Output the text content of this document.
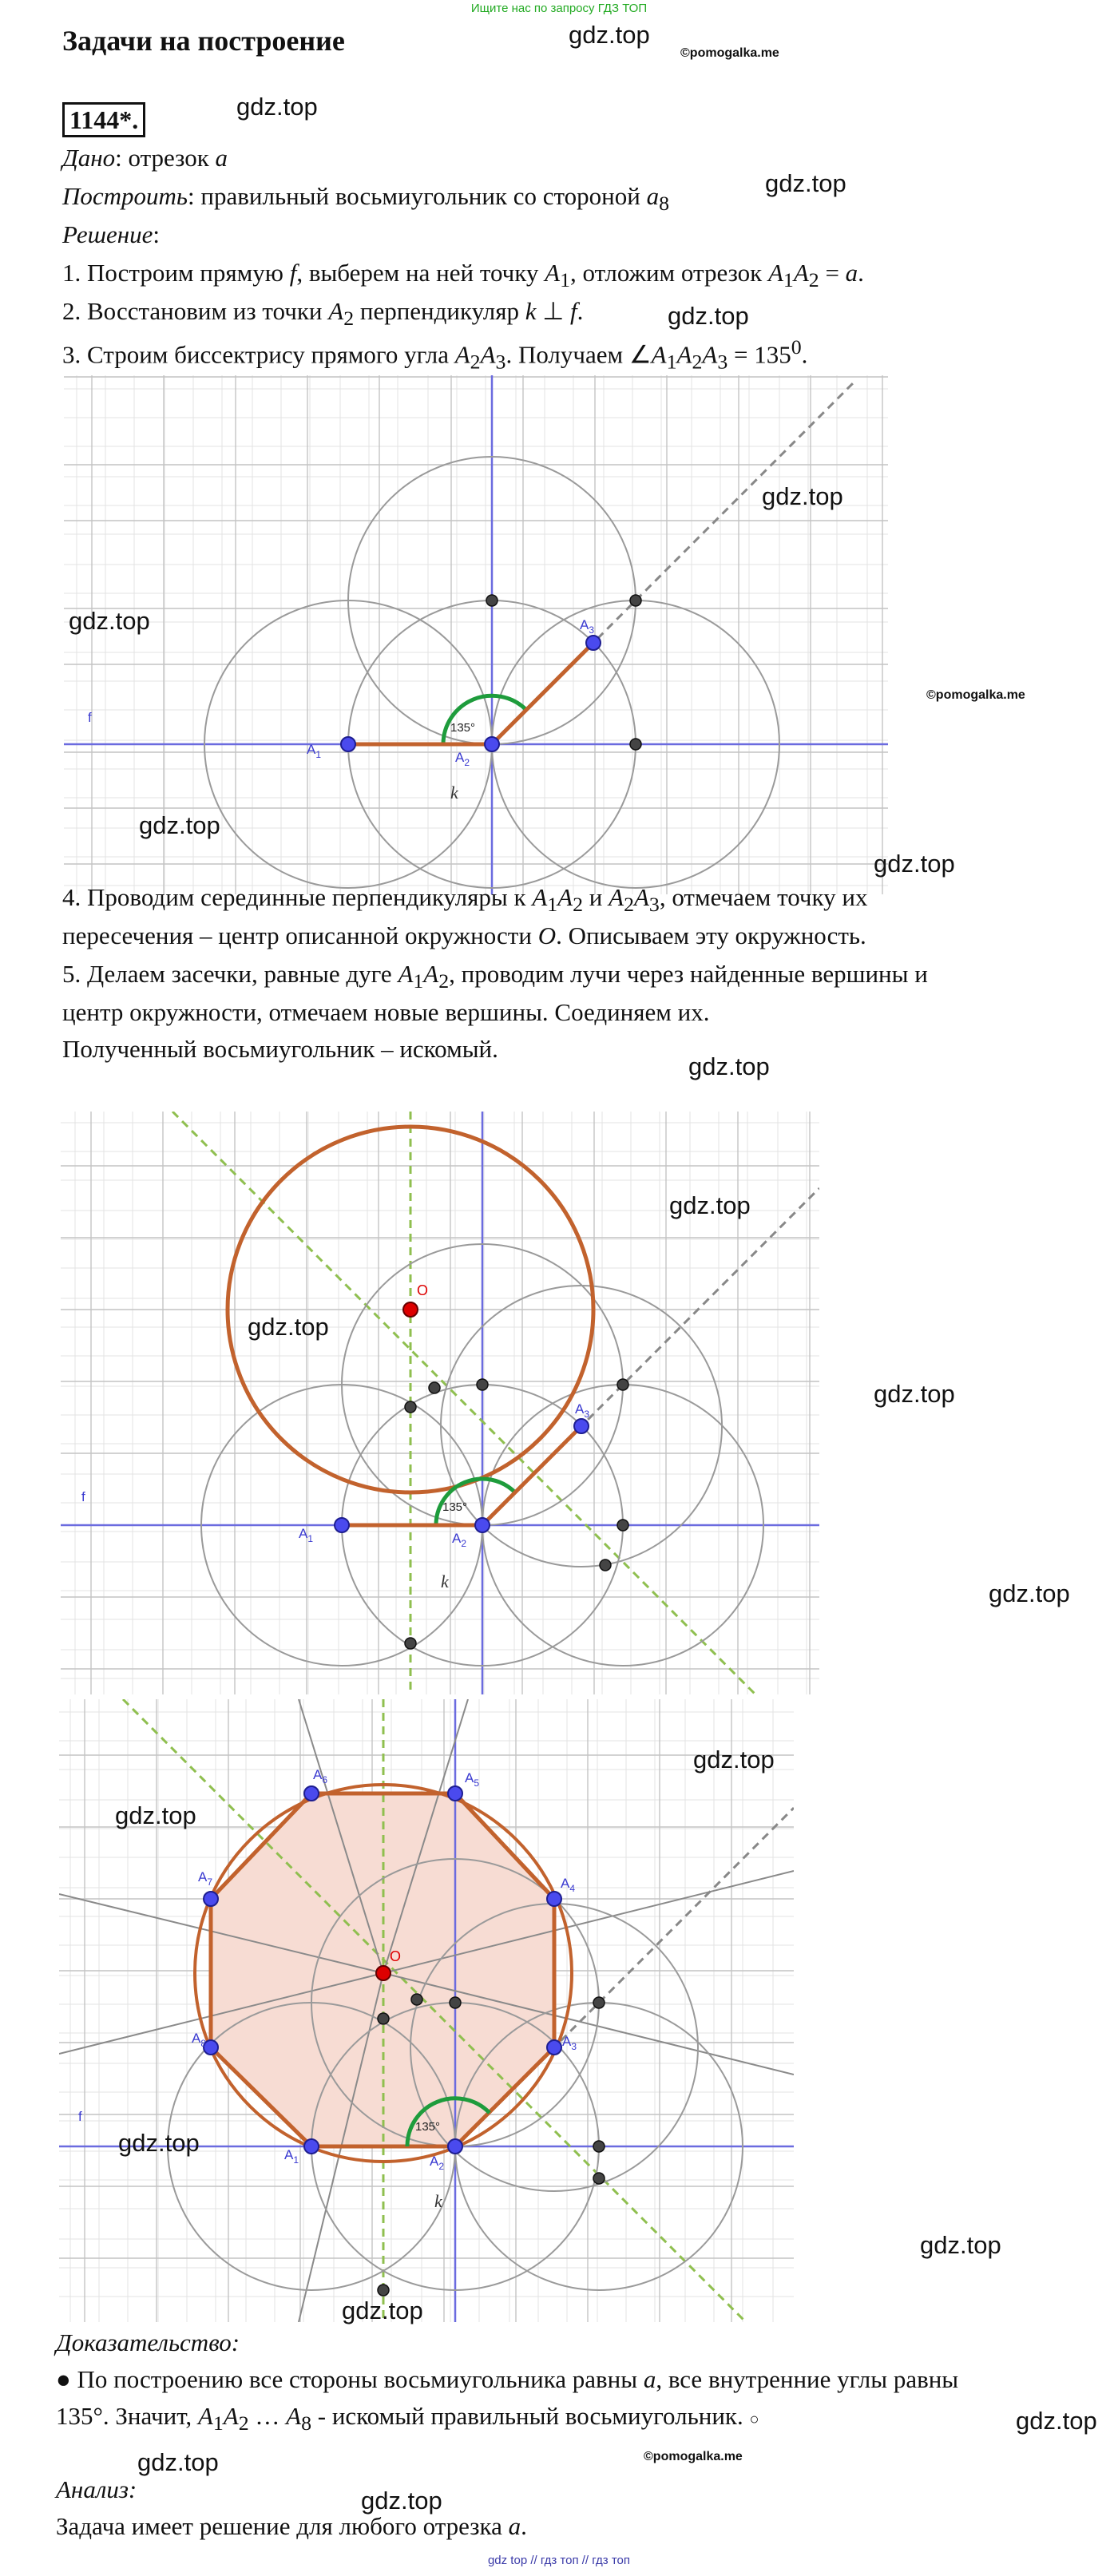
Ищите нас по запросу ГДЗ ТОП
Задачи на построение
1144*.
Дано: отрезок a
Построить: правильный восьмиугольник со стороной $a_8$
Решение:
1. Построим прямую f, выберем на ней точку $A_1$, отложим отрезок $A_1A_2 = a$.
2. Восстановим из точки $A_2$ перпендикуляр k ⊥ f.
3. Строим биссектрису прямого угла $A_2A_3$. Получаем $\angle A_1A_2A_3 = 135^0$.
f
$A_1$	$A_2$
$A_3$
135°
k
4. Проводим серединные перпендикуляры к $A_1A_2$ и $A_2A_3$, отмечаем точку их
пересечения – центр описанной окружности O. Описываем эту окружность.
5. Делаем засечки, равные дуге $A_1A_2$, проводим лучи через найденные вершины и
центр окружности, отмечаем новые вершины. Соединяем их.
Полученный восьмиугольник – искомый.
O
f
$A_1$	$A_2$
$A_3$
135°
k
O
f
$A_1$	$A_2$
$A_3$
$A_4$
$A_5$
$A_6$
$A_7$
$A_8$
135°
k
Доказательство:
● По построению все стороны восьмиугольника равны a, все внутренние углы равны
135°. Значит, $A_1A_2$ … $A_8$ - искомый правильный восьмиугольник. ○
Анализ:
Задача имеет решение для любого отрезка a.
gdz.top
©pomogalka.me
gdz.top
gdz.top
gdz.top
gdz.top
gdz.top
©pomogalka.me
gdz.top
gdz.top
gdz.top
gdz.top
gdz.top
gdz.top
gdz.top
gdz.top
gdz.top
gdz.top
gdz.top
gdz.top
gdz.top
gdz.top	©pomogalka.me
gdz.top
gdz top // гдз топ // гдз топ
